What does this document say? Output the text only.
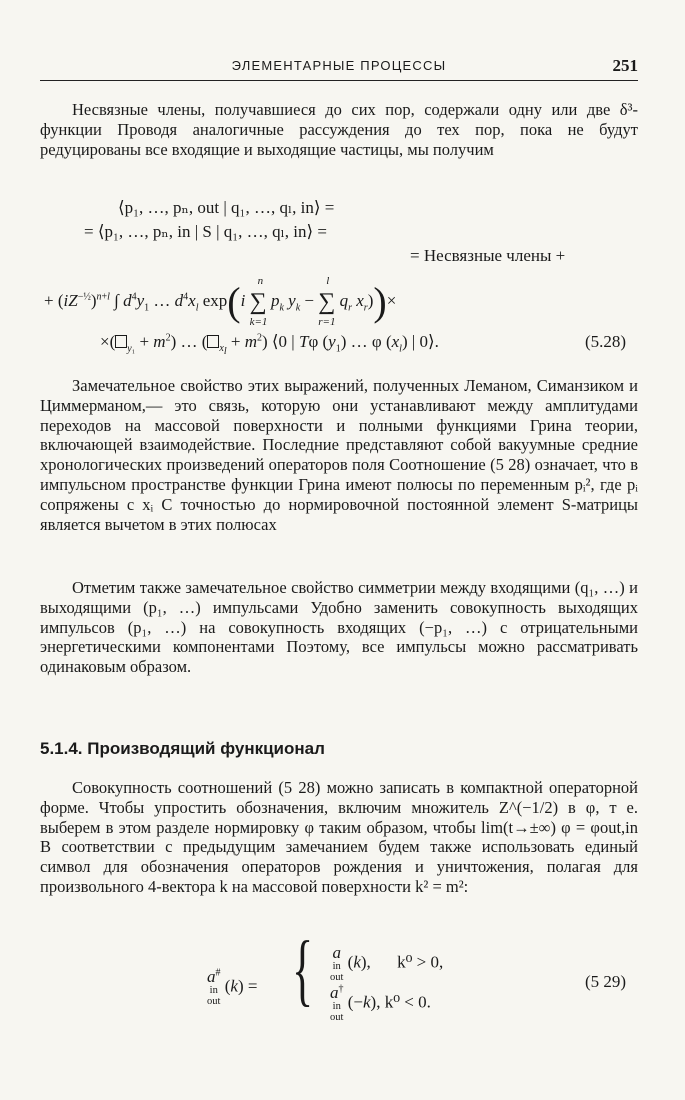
ЭЛЕМЕНТАРНЫЕ ПРОЦЕССЫ	251

Несвязные члены, получавшиеся до сих пор, содержали одну или две δ³-функции Проводя аналогичные рассуждения до тех пор, пока не будут редуцированы все входящие и выходящие частицы, мы получим

⟨p₁, …, pₙ, out | q₁, …, qₗ, in⟩ =
= ⟨p₁, …, pₙ, in | S | q₁, …, qₗ, in⟩ =
= Несвязные члены +
+ $(iZ^{-\frac{1}{2}})^{n+l}$ ∫ $d^4y_1$ … $d^4x_l$ exp(i ∑
n
k=1
$p_k$ $y_k$ − ∑
l
r=1
$q_r$ $x_r))\times$
×( $_{y_1} + m^2$) … ( $_{x_l} + m^2$) ⟨0 | Tφ $(y_1)$ … φ $(x_l)$ | 0⟩.	(5.28)

Замечательное свойство этих выражений, полученных Леманом, Симанзиком и Циммерманом,— это связь, которую они устанавливают между амплитудами переходов на массовой поверхности и полными функциями Грина теории, включающей взаимодействие. Последние представляют собой вакуумные средние хронологических произведений операторов поля Соотношение (5 28) означает, что в импульсном пространстве функции Грина имеют полюсы по переменным pᵢ², где pᵢ сопряжены с xᵢ С точностью до нормировочной постоянной элемент S-матрицы является вычетом в этих полюсах

Отметим также замечательное свойство симметрии между входящими (q₁, …) и выходящими (p₁, …) импульсами Удобно заменить совокупность выходящих импульсов (p₁, …) на совокупность входящих (−p₁, …) с отрицательными энергетическими компонентами Поэтому, все импульсы можно рассматривать одинаковым образом.

5.1.4. Производящий функционал

Совокупность соотношений (5 28) можно записать в компактной операторной форме. Чтобы упростить обозначения, включим множитель Z^(−1/2) в φ, т е. выберем в этом разделе нормировку φ таким образом, чтобы lim(t→±∞) φ = φout,in В соответствии с предыдущим замечанием будем также использовать единый символ для обозначения операторов рождения и уничтожения, полагая для произвольного 4-вектора k на массовой поверхности k² = m²:

a#
in
out
(k) = { a
in
out
(k), k⁰ > 0,
a†
in
out
(−k), k⁰ < 0.
(5 29)
